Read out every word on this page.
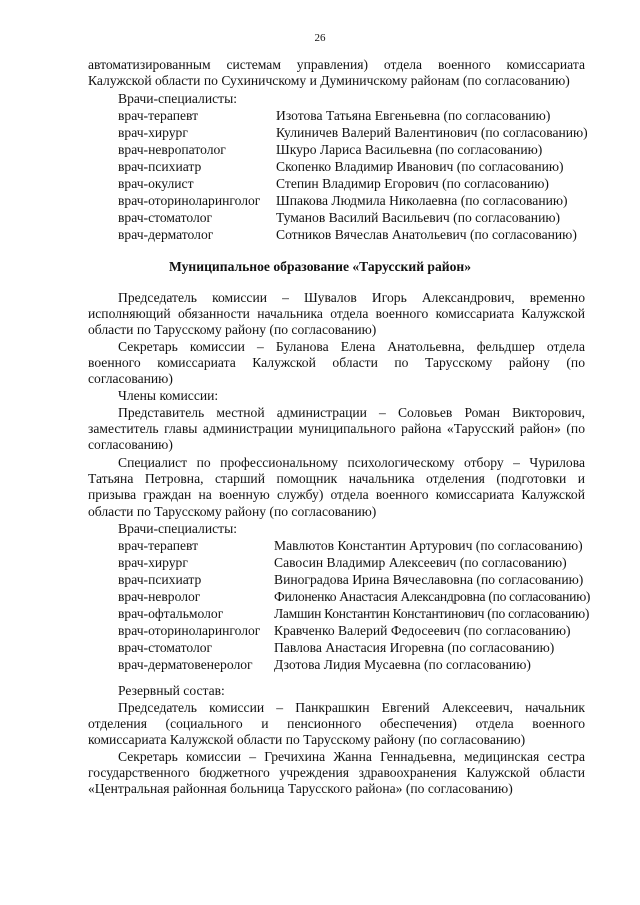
26
автоматизированным системам управления) отдела военного комиссариата
Калужской области по Сухиничскому и Думиничскому районам (по согласованию)
Врачи-специалисты:
врач-терапевт	Изотова Татьяна Евгеньевна (по согласованию)
врач-хирург	Кулиничев Валерий Валентинович (по согласованию)
врач-невропатолог	Шкуро Лариса Васильевна (по согласованию)
врач-психиатр	Скопенко Владимир Иванович (по согласованию)
врач-окулист	Степин Владимир Егорович (по согласованию)
врач-оториноларинголог Шпакова Людмила Николаевна (по согласованию)
врач-стоматолог	Туманов Василий Васильевич (по согласованию)
врач-дерматолог	Сотников Вячеслав Анатольевич (по согласованию)
Муниципальное образование «Тарусский район»
Председатель комиссии – Шувалов Игорь Александрович, временно
исполняющий обязанности начальника отдела военного комиссариата Калужской
области по Тарусскому району (по согласованию)
Секретарь комиссии – Буланова Елена Анатольевна, фельдшер отдела
военного комиссариата Калужской области по Тарусскому району (по
согласованию)
Члены комиссии:
Представитель местной администрации – Соловьев Роман Викторович,
заместитель главы администрации муниципального района «Тарусский район» (по
согласованию)
Специалист по профессиональному психологическому отбору – Чурилова
Татьяна Петровна, старший помощник начальника отделения (подготовки и
призыва граждан на военную службу) отдела военного комиссариата Калужской
области по Тарусскому району (по согласованию)
Врачи-специалисты:
врач-терапевт	Мавлютов Константин Артурович (по согласованию)
врач-хирург	Савосин Владимир Алексеевич (по согласованию)
врач-психиатр	Виноградова Ирина Вячеславовна (по согласованию)
врач-невролог	Филоненко Анастасия Александровна (по согласованию)
врач-офтальмолог	Ламшин Константин Константинович (по согласованию)
врач-оториноларинголог Кравченко Валерий Федосеевич (по согласованию)
врач-стоматолог	Павлова Анастасия Игоревна (по согласованию)
врач-дерматовенеролог Дзотова Лидия Мусаевна (по согласованию)
Резервный состав:
Председатель комиссии – Панкрашкин Евгений Алексеевич, начальник
отделения (социального и пенсионного обеспечения) отдела военного
комиссариата Калужской области по Тарусскому району (по согласованию)
Секретарь комиссии – Гречихина Жанна Геннадьевна, медицинская сестра
государственного бюджетного учреждения здравоохранения Калужской области
«Центральная районная больница Тарусского района» (по согласованию)
